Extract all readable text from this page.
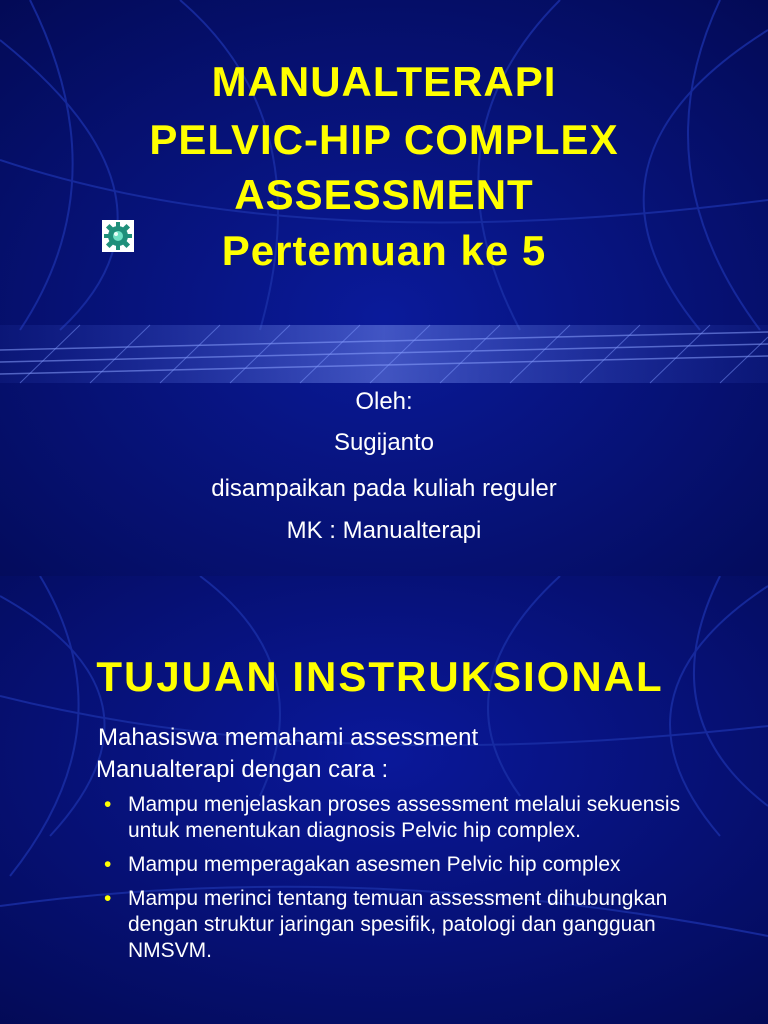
MANUALTERAPI
PELVIC-HIP COMPLEX
ASSESSMENT
Pertemuan ke 5
Oleh:
Sugijanto
disampaikan pada kuliah reguler
MK : Manualterapi
TUJUAN INSTRUKSIONAL
Mahasiswa memahami assessment
Manualterapi dengan cara :
• Mampu menjelaskan proses assessment melalui sekuensis untuk menentukan diagnosis Pelvic hip complex.
• Mampu memperagakan asesmen Pelvic hip complex
• Mampu merinci tentang temuan assessment dihubungkan dengan struktur jaringan spesifik, patologi dan gangguan NMSVM.
